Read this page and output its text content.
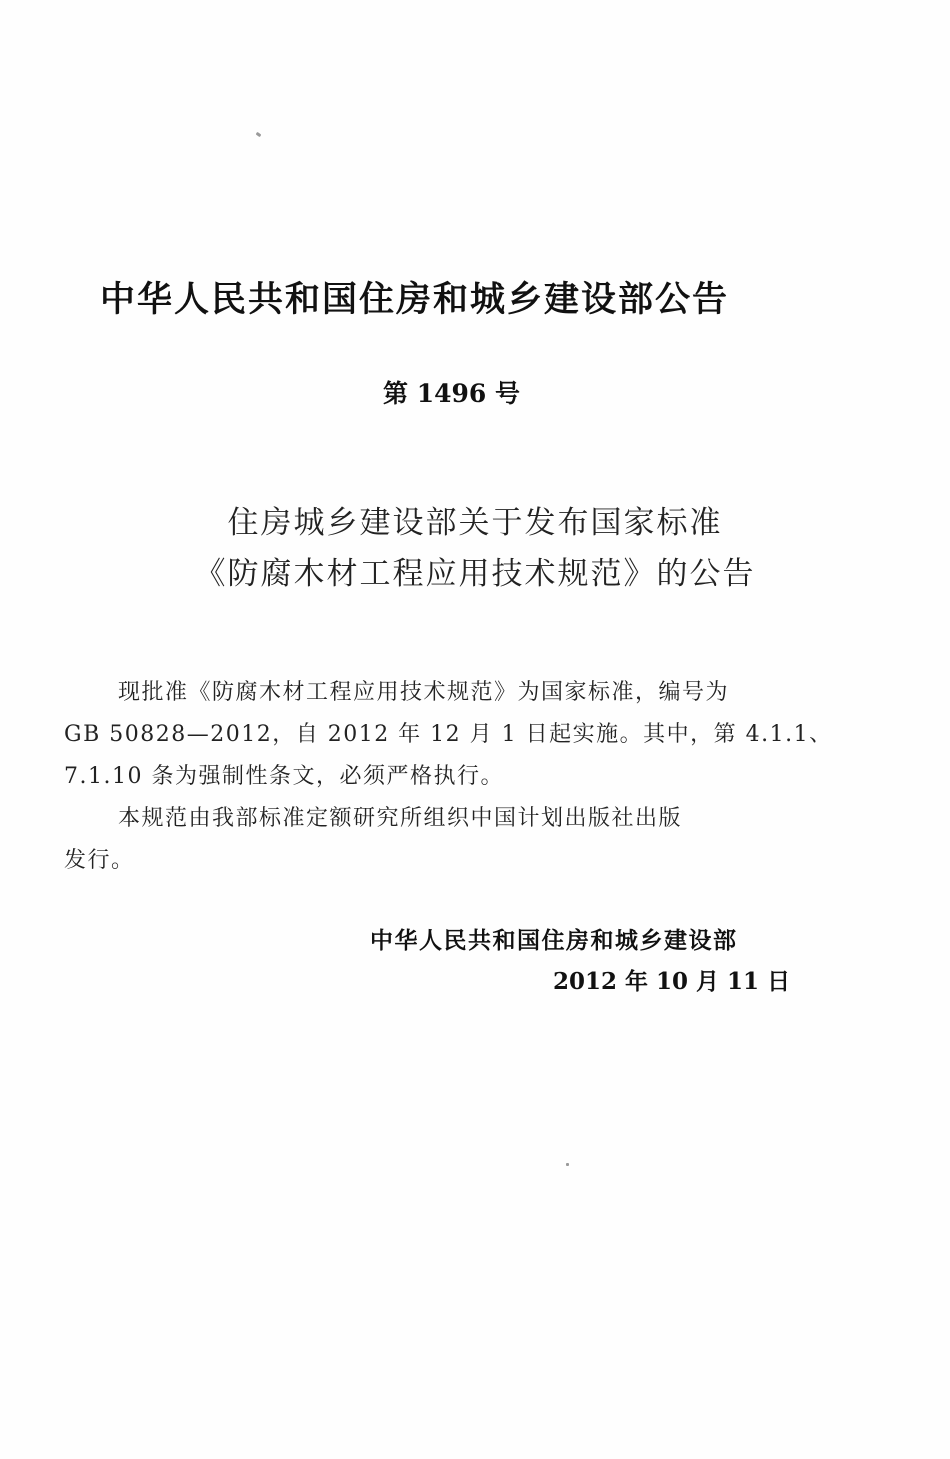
中华人民共和国住房和城乡建设部公告
第 1496 号
住房城乡建设部关于发布国家标准
《防腐木材工程应用技术规范》的公告
现批准《防腐木材工程应用技术规范》为国家标准，编号为
GB 50828—2012，自 2012 年 12 月 1 日起实施。其中，第 4.1.1、
7.1.10 条为强制性条文，必须严格执行。
本规范由我部标准定额研究所组织中国计划出版社出版
发行。
中华人民共和国住房和城乡建设部
2012 年 10 月 11 日
